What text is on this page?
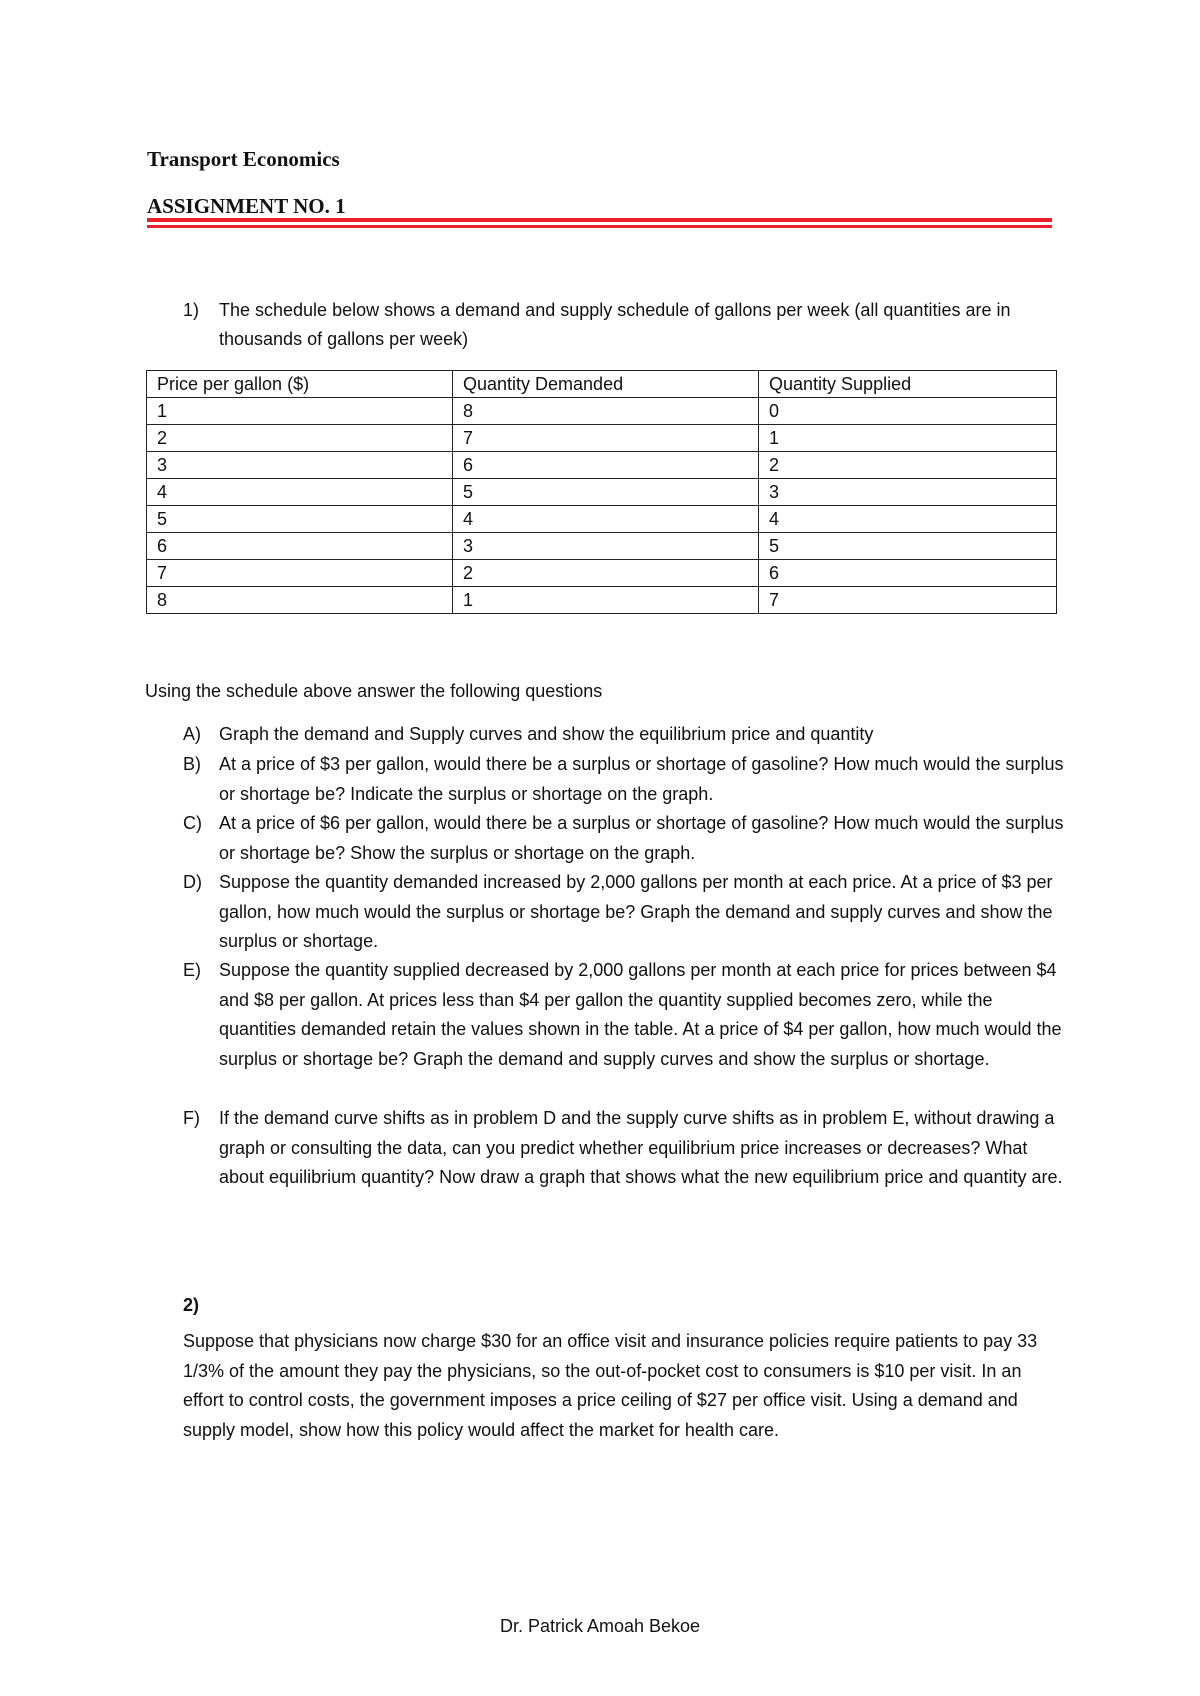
Transport Economics
ASSIGNMENT NO. 1
1) The schedule below shows a demand and supply schedule of gallons per week (all quantities are in thousands of gallons per week)
Price per gallon ($)	Quantity Demanded	Quantity Supplied
1	8	0
2	7	1
3	6	2
4	5	3
5	4	4
6	3	5
7	2	6
8	1	7
Using the schedule above answer the following questions
A) Graph the demand and Supply curves and show the equilibrium price and quantity
B) At a price of $3 per gallon, would there be a surplus or shortage of gasoline? How much would the surplus or shortage be? Indicate the surplus or shortage on the graph.
C) At a price of $6 per gallon, would there be a surplus or shortage of gasoline? How much would the surplus or shortage be? Show the surplus or shortage on the graph.
D) Suppose the quantity demanded increased by 2,000 gallons per month at each price. At a price of $3 per gallon, how much would the surplus or shortage be? Graph the demand and supply curves and show the surplus or shortage.
E) Suppose the quantity supplied decreased by 2,000 gallons per month at each price for prices between $4 and $8 per gallon. At prices less than $4 per gallon the quantity supplied becomes zero, while the quantities demanded retain the values shown in the table. At a price of $4 per gallon, how much would the surplus or shortage be? Graph the demand and supply curves and show the surplus or shortage.
F) If the demand curve shifts as in problem D and the supply curve shifts as in problem E, without drawing a graph or consulting the data, can you predict whether equilibrium price increases or decreases? What about equilibrium quantity? Now draw a graph that shows what the new equilibrium price and quantity are.
2)
Suppose that physicians now charge $30 for an office visit and insurance policies require patients to pay 33 1/3% of the amount they pay the physicians, so the out-of-pocket cost to consumers is $10 per visit. In an effort to control costs, the government imposes a price ceiling of $27 per office visit. Using a demand and supply model, show how this policy would affect the market for health care.
Dr. Patrick Amoah Bekoe
